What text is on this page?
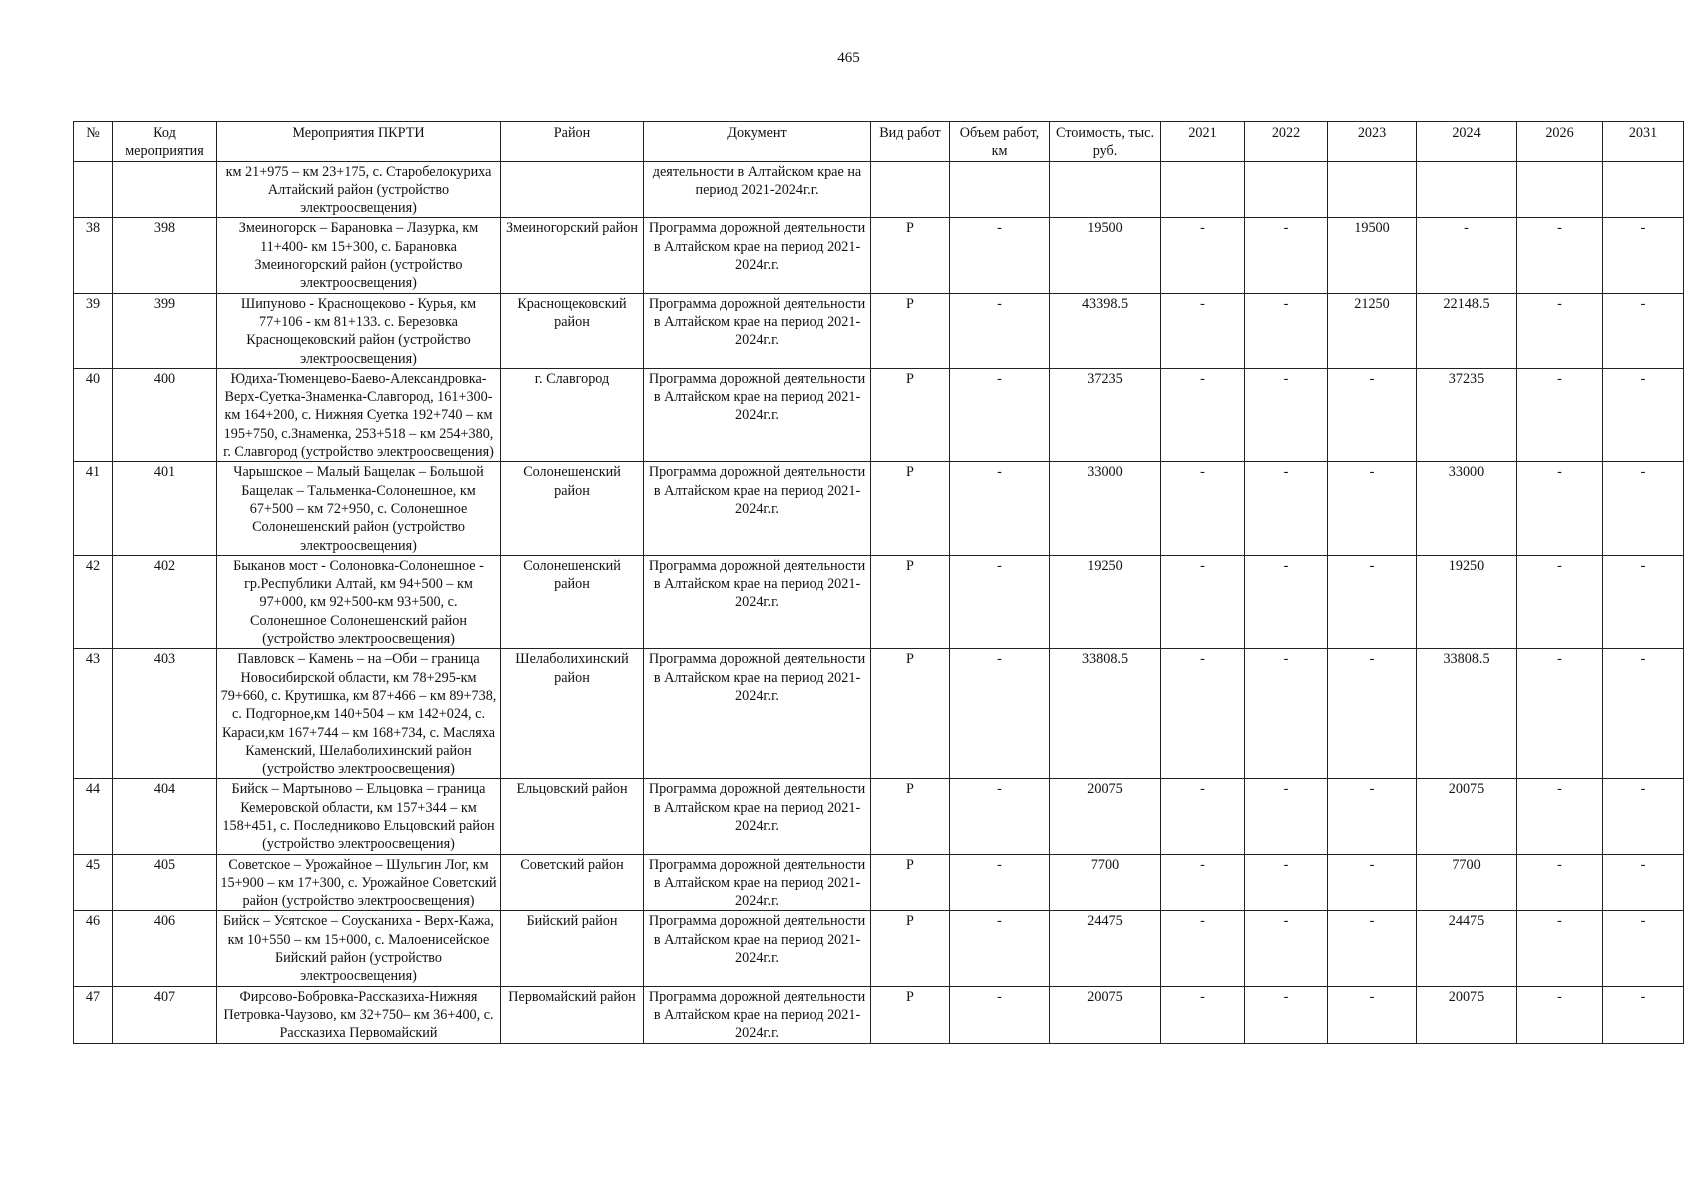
465
№	Код мероприятия	Мероприятия ПКРТИ	Район	Документ	Вид работ	Объем работ, км	Стоимость, тыс. руб.	2021	2022	2023	2024	2026	2031
		км 21+975 – км 23+175, с. Старобелокуриха Алтайский район (устройство электроосвещения)		деятельности в Алтайском крае на период 2021-2024г.г.									
38	398	Змеиногорск – Барановка – Лазурка, км 11+400- км 15+300, с. Барановка Змеиногорский район (устройство электроосвещения)	Змеиногорский район	Программа дорожной деятельности в Алтайском крае на период 2021-2024г.г.	Р	-	19500	-	-	19500	-	-	-
39	399	Шипуново - Краснощеково - Курья, км 77+106 - км 81+133. с. Березовка Краснощековский район (устройство электроосвещения)	Краснощековский район	Программа дорожной деятельности в Алтайском крае на период 2021-2024г.г.	Р	-	43398.5	-	-	21250	22148.5	-	-
40	400	Юдиха-Тюменцево-Баево-Александровка-Верх-Суетка-Знаменка-Славгород, 161+300- км 164+200, с. Нижняя Суетка 192+740 – км 195+750, с.Знаменка, 253+518 – км 254+380, г. Славгород (устройство электроосвещения)	г. Славгород	Программа дорожной деятельности в Алтайском крае на период 2021-2024г.г.	Р	-	37235	-	-	-	37235	-	-
41	401	Чарышское – Малый Бащелак – Большой Бащелак – Тальменка-Солонешное, км 67+500 – км 72+950, с. Солонешное Солонешенский район (устройство электроосвещения)	Солонешенский район	Программа дорожной деятельности в Алтайском крае на период 2021-2024г.г.	Р	-	33000	-	-	-	33000	-	-
42	402	Быканов мост - Солоновка-Солонешное - гр.Республики Алтай, км 94+500 – км 97+000, км 92+500-км 93+500, с. Солонешное Солонешенский район (устройство электроосвещения)	Солонешенский район	Программа дорожной деятельности в Алтайском крае на период 2021-2024г.г.	Р	-	19250	-	-	-	19250	-	-
43	403	Павловск – Камень – на –Оби – граница Новосибирской области, км 78+295-км 79+660, с. Крутишка, км 87+466 – км 89+738, с. Подгорное,км 140+504 – км 142+024, с. Караси,км 167+744 – км 168+734, с. Масляха Каменский, Шелаболихинский район (устройство электроосвещения)	Шелаболихинский район	Программа дорожной деятельности в Алтайском крае на период 2021-2024г.г.	Р	-	33808.5	-	-	-	33808.5	-	-
44	404	Бийск – Мартыново – Ельцовка – граница Кемеровской области, км 157+344 – км 158+451, с. Последниково Ельцовский район (устройство электроосвещения)	Ельцовский район	Программа дорожной деятельности в Алтайском крае на период 2021-2024г.г.	Р	-	20075	-	-	-	20075	-	-
45	405	Советское – Урожайное – Шульгин Лог, км 15+900 – км 17+300, с. Урожайное Советский район (устройство электроосвещения)	Советский район	Программа дорожной деятельности в Алтайском крае на период 2021-2024г.г.	Р	-	7700	-	-	-	7700	-	-
46	406	Бийск – Усятское – Соусканиха - Верх-Кажа, км 10+550 – км 15+000, с. Малоенисейское Бийский район (устройство электроосвещения)	Бийский район	Программа дорожной деятельности в Алтайском крае на период 2021-2024г.г.	Р	-	24475	-	-	-	24475	-	-
47	407	Фирсово-Бобровка-Рассказиха-Нижняя Петровка-Чаузово, км 32+750– км 36+400, с. Рассказиха Первомайский	Первомайский район	Программа дорожной деятельности в Алтайском крае на период 2021-2024г.г.	Р	-	20075	-	-	-	20075	-	-
